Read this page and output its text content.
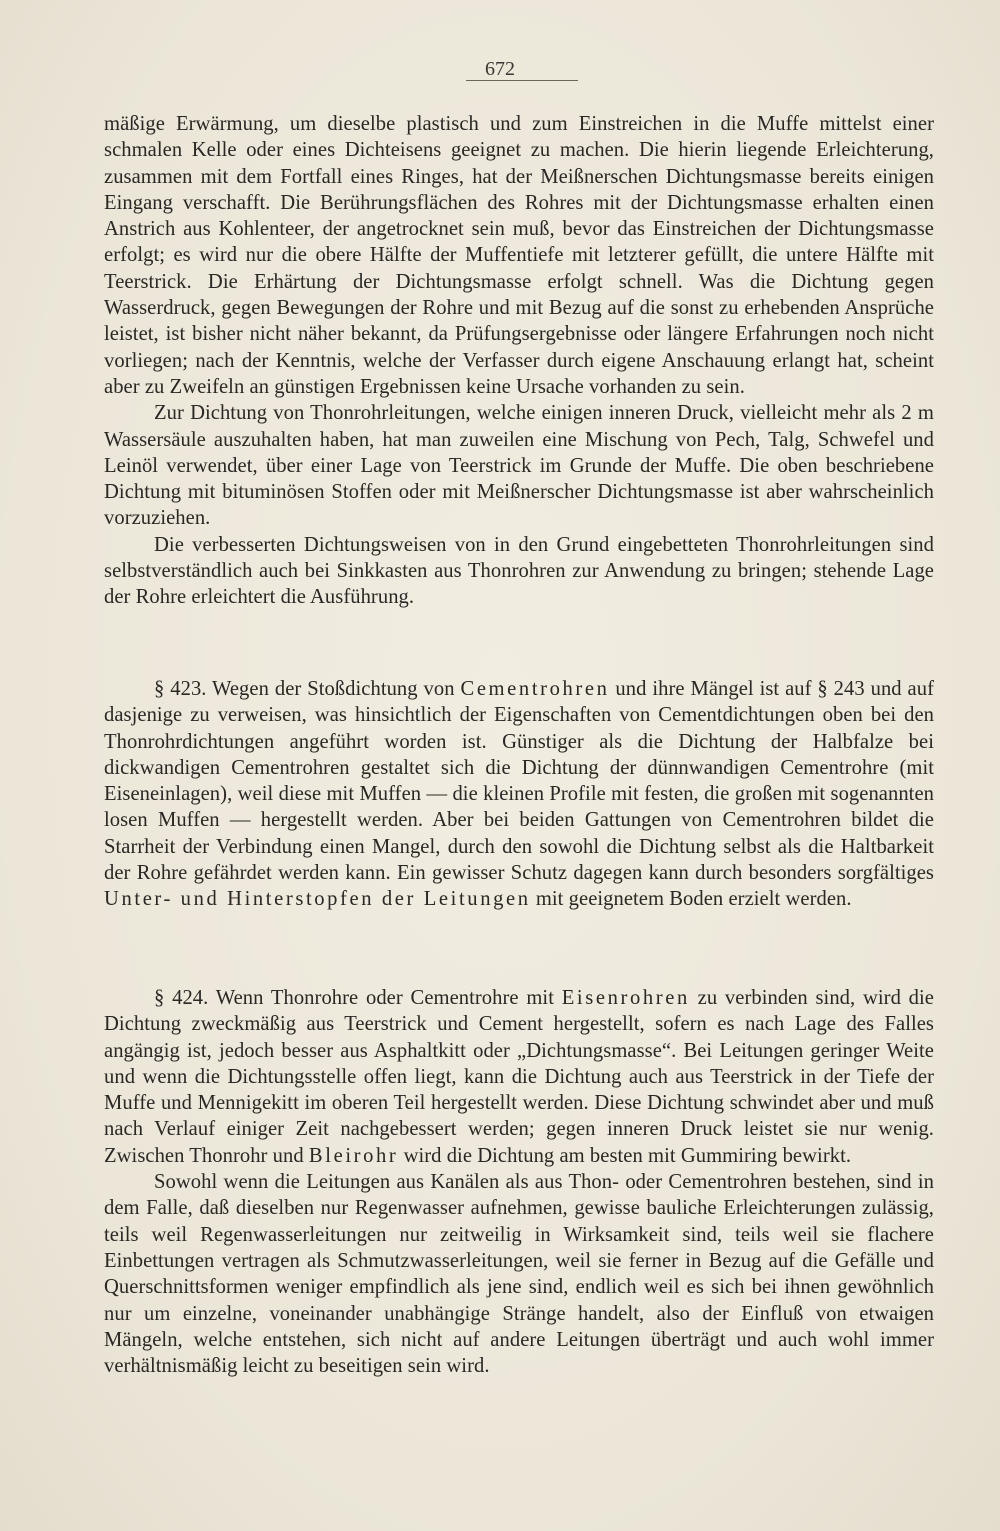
672

mäßige Erwärmung, um dieselbe plastisch und zum Einstreichen in die Muffe mittelst einer schmalen Kelle oder eines Dichteisens geeignet zu machen. Die hierin liegende Erleichterung, zusammen mit dem Fortfall eines Ringes, hat der Meißnerschen Dichtungsmasse bereits einigen Eingang verschafft. Die Berührungsflächen des Rohres mit der Dichtungsmasse erhalten einen Anstrich aus Kohlenteer, der angetrocknet sein muß, bevor das Einstreichen der Dichtungsmasse erfolgt; es wird nur die obere Hälfte der Muffentiefe mit letzterer gefüllt, die untere Hälfte mit Teerstrick. Die Erhärtung der Dichtungsmasse erfolgt schnell. Was die Dichtung gegen Wasserdruck, gegen Bewegungen der Rohre und mit Bezug auf die sonst zu erhebenden Ansprüche leistet, ist bisher nicht näher bekannt, da Prüfungsergebnisse oder längere Erfahrungen noch nicht vorliegen; nach der Kenntnis, welche der Verfasser durch eigene Anschauung erlangt hat, scheint aber zu Zweifeln an günstigen Ergebnissen keine Ursache vorhanden zu sein.

Zur Dichtung von Thonrohrleitungen, welche einigen inneren Druck, vielleicht mehr als 2 m Wassersäule auszuhalten haben, hat man zuweilen eine Mischung von Pech, Talg, Schwefel und Leinöl verwendet, über einer Lage von Teerstrick im Grunde der Muffe. Die oben beschriebene Dichtung mit bituminösen Stoffen oder mit Meißnerscher Dichtungsmasse ist aber wahrscheinlich vorzuziehen.

Die verbesserten Dichtungsweisen von in den Grund eingebetteten Thonrohrleitungen sind selbstverständlich auch bei Sinkkasten aus Thonrohren zur Anwendung zu bringen; stehende Lage der Rohre erleichtert die Ausführung.

§ 423. Wegen der Stoßdichtung von Cementrohren und ihre Mängel ist auf § 243 und auf dasjenige zu verweisen, was hinsichtlich der Eigenschaften von Cementdichtungen oben bei den Thonrohrdichtungen angeführt worden ist. Günstiger als die Dichtung der Halbfalze bei dickwandigen Cementrohren gestaltet sich die Dichtung der dünnwandigen Cementrohre (mit Eiseneinlagen), weil diese mit Muffen — die kleinen Profile mit festen, die großen mit sogenannten losen Muffen — hergestellt werden. Aber bei beiden Gattungen von Cementrohren bildet die Starrheit der Verbindung einen Mangel, durch den sowohl die Dichtung selbst als die Haltbarkeit der Rohre gefährdet werden kann. Ein gewisser Schutz dagegen kann durch besonders sorgfältiges Unter- und Hinterstopfen der Leitungen mit geeignetem Boden erzielt werden.

§ 424. Wenn Thonrohre oder Cementrohre mit Eisenrohren zu verbinden sind, wird die Dichtung zweckmäßig aus Teerstrick und Cement hergestellt, sofern es nach Lage des Falles angängig ist, jedoch besser aus Asphaltkitt oder „Dichtungsmasse“. Bei Leitungen geringer Weite und wenn die Dichtungsstelle offen liegt, kann die Dichtung auch aus Teerstrick in der Tiefe der Muffe und Mennigekitt im oberen Teil hergestellt werden. Diese Dichtung schwindet aber und muß nach Verlauf einiger Zeit nachgebessert werden; gegen inneren Druck leistet sie nur wenig. Zwischen Thonrohr und Bleirohr wird die Dichtung am besten mit Gummiring bewirkt.

Sowohl wenn die Leitungen aus Kanälen als aus Thon- oder Cementrohren bestehen, sind in dem Falle, daß dieselben nur Regenwasser aufnehmen, gewisse bauliche Erleichterungen zulässig, teils weil Regenwasserleitungen nur zeitweilig in Wirksamkeit sind, teils weil sie flachere Einbettungen vertragen als Schmutzwasserleitungen, weil sie ferner in Bezug auf die Gefälle und Querschnittsformen weniger empfindlich als jene sind, endlich weil es sich bei ihnen gewöhnlich nur um einzelne, voneinander unabhängige Stränge handelt, also der Einfluß von etwaigen Mängeln, welche entstehen, sich nicht auf andere Leitungen überträgt und auch wohl immer verhältnismäßig leicht zu beseitigen sein wird.
